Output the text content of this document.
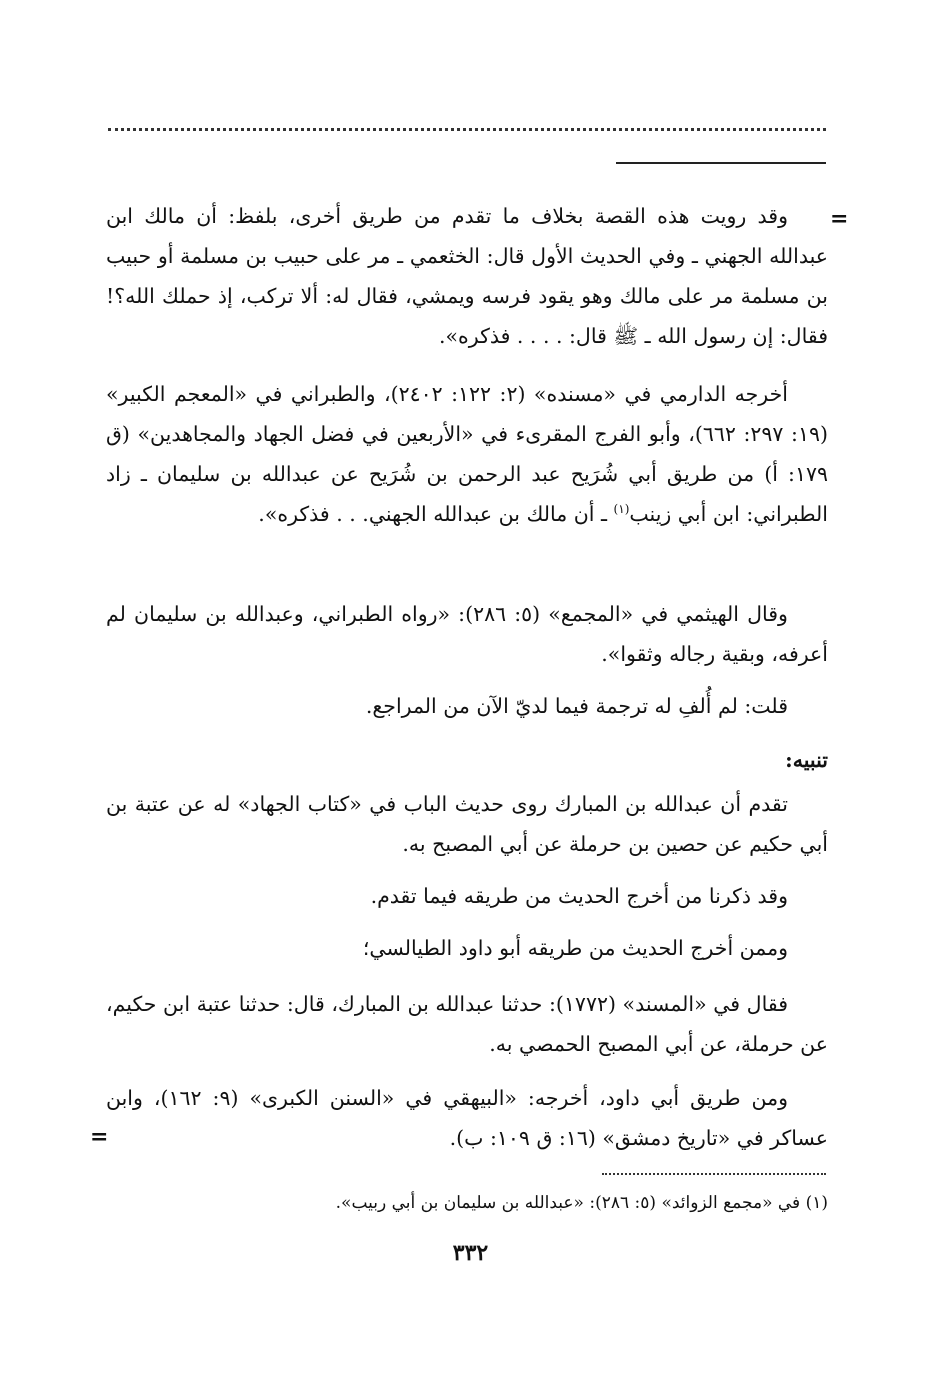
=

وقد رويت هذه القصة بخلاف ما تقدم من طريق أخرى، بلفظ: أن مالك ابن عبدالله الجهني ـ وفي الحديث الأول قال: الخثعمي ـ مر على حبيب بن مسلمة أو حبيب بن مسلمة مر على مالك وهو يقود فرسه ويمشي، فقال له: ألا تركب، إذ حملك الله؟! فقال: إن رسول الله ـ ﷺ قال: . . . . فذكره».

أخرجه الدارمي في «مسنده» (٢: ١٢٢: ٢٤٠٢)، والطبراني في «المعجم الكبير» (١٩: ٢٩٧: ٦٦٢)، وأبو الفرج المقرىء في «الأربعين في فضل الجهاد والمجاهدين» (ق ١٧٩: أ) من طريق أبي شُرَيح عبد الرحمن بن شُرَيح عن عبدالله بن سليمان ـ زاد الطبراني: ابن أبي زينب$^{(١)}$ ـ أن مالك بن عبدالله الجهني. . . فذكره».

وقال الهيثمي في «المجمع» (٥: ٢٨٦): «رواه الطبراني، وعبدالله بن سليمان لم أعرفه، وبقية رجاله وثقوا».

قلت: لم أُلفِ له ترجمة فيما لديّ الآن من المراجع.

تنبيه:

تقدم أن عبدالله بن المبارك روى حديث الباب في «كتاب الجهاد» له عن عتبة بن أبي حكيم عن حصين بن حرملة عن أبي المصبح به.

وقد ذكرنا من أخرج الحديث من طريقه فيما تقدم.

وممن أخرج الحديث من طريقه أبو داود الطيالسي؛

فقال في «المسند» (١٧٧٢): حدثنا عبدالله بن المبارك، قال: حدثنا عتبة ابن حكيم، عن حرملة، عن أبي المصبح الحمصي به.

ومن طريق أبي داود، أخرجه: «البيهقي في «السنن الكبرى» (٩: ١٦٢)، وابن عساكر في «تاريخ دمشق» (١٦: ق ١٠٩: ب).

=
(١) في «مجمع الزوائد» (٥: ٢٨٦): «عبدالله بن سليمان بن أبي ربيب».
٣٣٢
